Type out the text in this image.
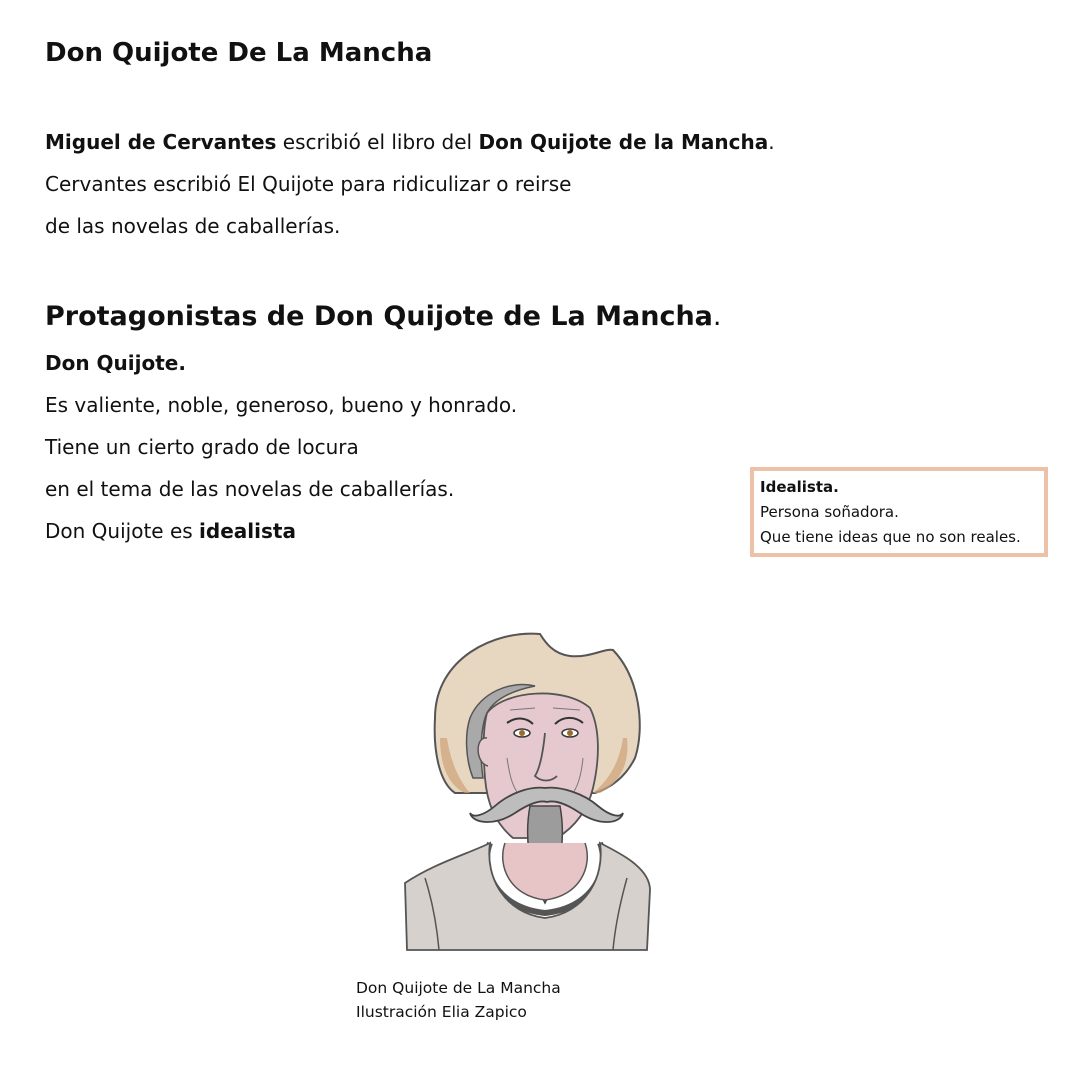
Don Quijote De La Mancha
Miguel de Cervantes escribió el libro del Don Quijote de la Mancha.
Cervantes escribió El Quijote para ridiculizar o reirse
de las novelas de caballerías.
Protagonistas de Don Quijote de La Mancha.
Don Quijote.
Es valiente, noble, generoso, bueno y honrado.
Tiene un cierto grado de locura
en el tema de las novelas de caballerías.
Don Quijote es idealista
Idealista.
Persona soñadora.
Que tiene ideas que no son reales.
Don Quijote de La Mancha
Ilustración Elia Zapico
